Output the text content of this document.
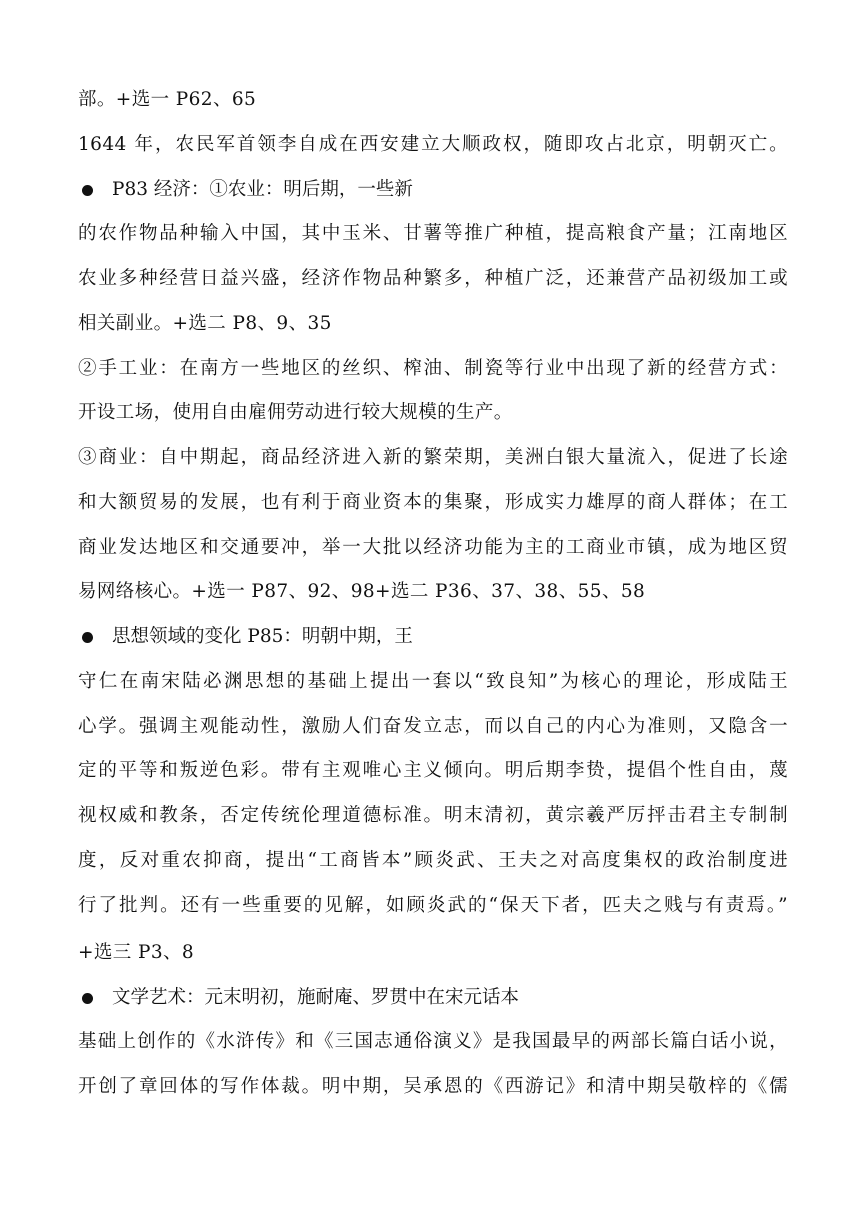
部。+选一 P62、65
1644 年，农民军首领李自成在西安建立大顺政权，随即攻占北京，明朝灭亡。
P83 经济：①农业：明后期，一些新
的农作物品种输入中国，其中玉米、甘薯等推广种植，提高粮食产量；江南地区
农业多种经营日益兴盛，经济作物品种繁多，种植广泛，还兼营产品初级加工或
相关副业。+选二 P8、9、35
②手工业：在南方一些地区的丝织、榨油、制瓷等行业中出现了新的经营方式：
开设工场，使用自由雇佣劳动进行较大规模的生产。
③商业：自中期起，商品经济进入新的繁荣期，美洲白银大量流入，促进了长途
和大额贸易的发展，也有利于商业资本的集聚，形成实力雄厚的商人群体；在工
商业发达地区和交通要冲，举一大批以经济功能为主的工商业市镇，成为地区贸
易网络核心。+选一 P87、92、98+选二 P36、37、38、55、58
思想领域的变化 P85：明朝中期，王
守仁在南宋陆必渊思想的基础上提出一套以“致良知”为核心的理论，形成陆王
心学。强调主观能动性，激励人们奋发立志，而以自己的内心为准则，又隐含一
定的平等和叛逆色彩。带有主观唯心主义倾向。明后期李贽，提倡个性自由，蔑
视权威和教条，否定传统伦理道德标准。明末清初，黄宗羲严厉抨击君主专制制
度，反对重农抑商，提出“工商皆本”顾炎武、王夫之对高度集权的政治制度进
行了批判。还有一些重要的见解，如顾炎武的“保天下者，匹夫之贱与有责焉。”
+选三 P3、8
文学艺术：元末明初，施耐庵、罗贯中在宋元话本
基础上创作的《水浒传》和《三国志通俗演义》是我国最早的两部长篇白话小说，
开创了章回体的写作体裁。明中期，吴承恩的《西游记》和清中期吴敬梓的《儒
